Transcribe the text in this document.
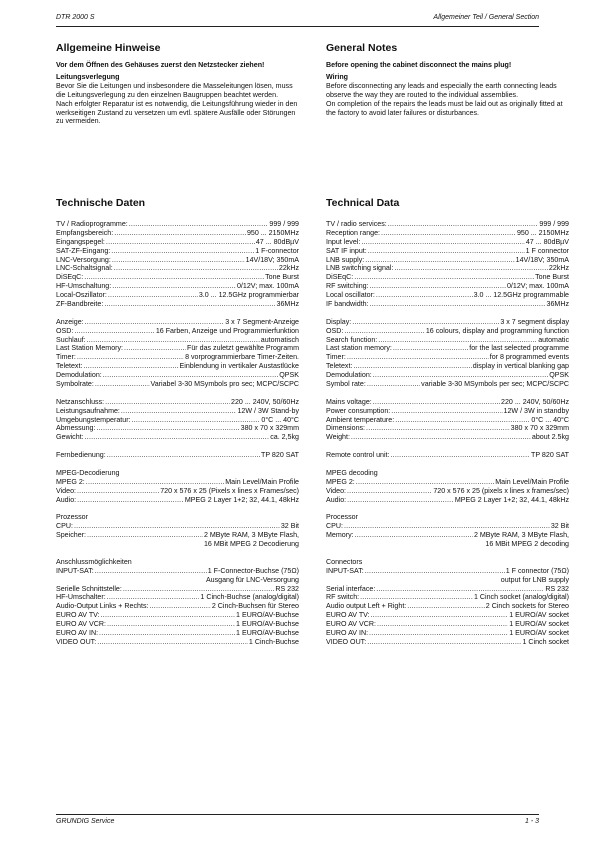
DTR 2000 S	Allgemeiner Teil / General Section
Allgemeine Hinweise

Vor dem Öffnen des Gehäuses zuerst den Netzstecker ziehen!

Leitungsverlegung

Bevor Sie die Leitungen und insbesondere die Masseleitungen lösen, muss die Leitungsverlegung zu den einzelnen Baugruppen beachtet werden.

Nach erfolgter Reparatur ist es notwendig, die Leitungsführung wieder in den werkseitigen Zustand zu versetzen um evtl. spätere Ausfälle oder Störungen zu vermeiden.

General Notes

Before opening the cabinet disconnect the mains plug!

Wiring

Before disconnecting any leads and especially the earth connecting leads observe the way they are routed to the individual assemblies.

On completion of the repairs the leads must be laid out as originally fitted at the factory to avoid later failures or disturbances.

Technische Daten
TV / Radioprogramme: .....	999 / 999
Empfangsbereich: .....	950 ... 2150MHz
Eingangspegel: .....	47 ... 80dBµV
SAT-ZF-Eingang: .....	1 F-connector
LNC-Versorgung: .....	14V/18V; 350mA
LNC-Schaltsignal: .....	22kHz
DiSEqC: .....	Tone Burst
HF-Umschaltung: .....	0/12V; max. 100mA
Local-Oszillator: .....	3.0 ... 12.5GHz programmierbar
ZF-Bandbreite: .....	36MHz
Anzeige: .....	3 x 7 Segment-Anzeige
OSD: .....	16 Farben, Anzeige und Programmierfunktion
Suchlauf: .....	automatisch
Last Station Memory: .....	Für das zuletzt gewählte Programm
Timer: .....	8 vorprogrammierbare Timer-Zeiten.
Teletext: .....	Einblendung in vertikaler Austastlücke
Demodulation: .....	QPSK
Symbolrate: .....	Variabel 3-30 MSymbols pro sec; MCPC/SCPC
Netzanschluss: .....	220 ... 240V, 50/60Hz
Leistungsaufnahme: .....	12W / 3W Stand-by
Umgebungstemperatur: .....	0°C ... 40°C
Abmessung: .....	380 x 70 x 329mm
Gewicht: .....	ca. 2,5kg
Fernbedienung: .....	TP 820 SAT
MPEG-Decodierung
MPEG 2: .....	Main Level/Main Profile
Video: .....	720 x 576 x 25 (Pixels x lines x Frames/sec)
Audio: .....	MPEG 2 Layer 1+2; 32, 44.1, 48kHz
Prozessor
CPU: .....	32 Bit
Speicher: .....	2 MByte RAM, 3 MByte Flash,
16 MBit MPEG 2 Decodierung
Anschlussmöglichkeiten
INPUT-SAT: .....	1 F-Connector-Buchse (75Ω)
Ausgang für LNC-Versorgung
Serielle Schnittstelle: .....	RS 232
HF-Umschalter: .....	1 Cinch-Buchse (analog/digital)
Audio-Output Links + Rechts: .....	2 Cinch-Buchsen für Stereo
EURO AV TV: .....	1 EURO/AV-Buchse
EURO AV VCR: .....	1 EURO/AV-Buchse
EURO AV IN: .....	1 EURO/AV-Buchse
VIDEO OUT: .....	1 Cinch-Buchse
Technical Data
TV / radio services: .....	999 / 999
Reception range: .....	950 ... 2150MHz
Input level: .....	47 ... 80dBµV
SAT IF input: .....	1 F connector
LNB supply: .....	14V/18V; 350mA
LNB switching signal: .....	22kHz
DiSEqC: .....	Tone Burst
RF switching: .....	0/12V; max. 100mA
Local oscillator: .....	3.0 ... 12.5GHz programmable
IF bandwidth: .....	36MHz
Display: .....	3 x 7 segment display
OSD: .....	16 colours, display and programming function
Search function: .....	automatic
Last station memory: .....	for the last selected programme
Timer: .....	for 8 programmed events
Teletext: .....	display in vertical blanking gap
Demodulation: .....	QPSK
Symbol rate: .....	variable 3-30 MSymbols per sec; MCPC/SCPC
Mains voltage: .....	220 ... 240V, 50/60Hz
Power consumption: .....	12W / 3W in standby
Ambient temperature: .....	0°C ... 40°C
Dimensions: .....	380 x 70 x 329mm
Weight: .....	about 2.5kg
Remote control unit: .....	TP 820 SAT
MPEG decoding
MPEG 2: .....	Main Level/Main Profile
Video: .....	720 x 576 x 25 (pixels x lines x frames/sec)
Audio: .....	MPEG 2 Layer 1+2; 32, 44.1, 48kHz
Processor
CPU: .....	32 Bit
Memory: .....	2 MByte RAM, 3 MByte Flash,
16 MBit MPEG 2 decoding
Connectors
INPUT-SAT: .....	1 F connector (75Ω)
output for LNB supply
Serial interface: .....	RS 232
RF switch: .....	1 Cinch socket (analog/digital)
Audio output Left + Right: .....	2 Cinch sockets for Stereo
EURO AV TV: .....	1 EURO/AV socket
EURO AV VCR: .....	1 EURO/AV socket
EURO AV IN: .....	1 EURO/AV socket
VIDEO OUT: .....	1 Cinch socket
GRUNDIG Service	1 - 3
